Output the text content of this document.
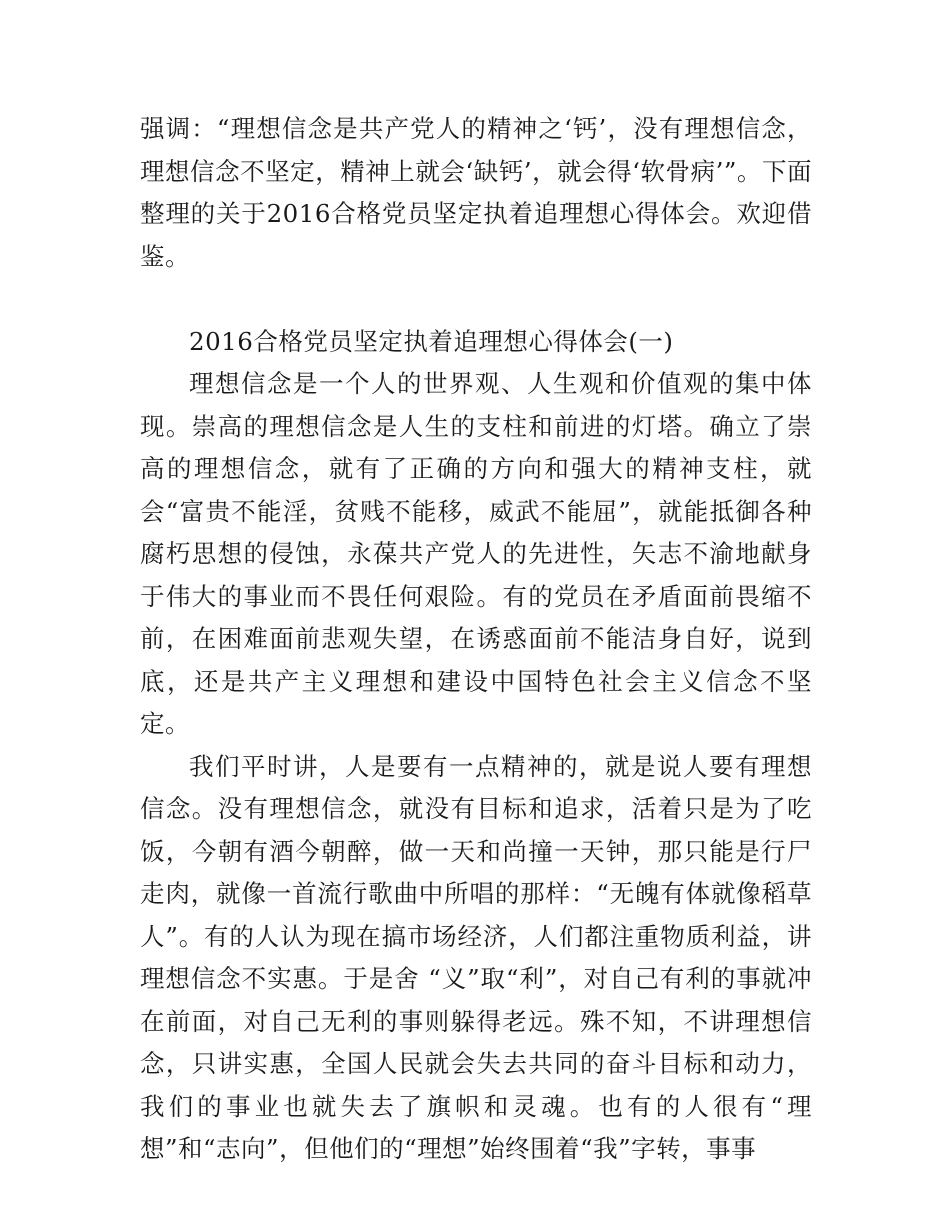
强调：“理想信念是共产党人的精神之‘钙’，没有理想信念，理想信念不坚定，精神上就会‘缺钙’，就会得‘软骨病’”。下面整理的关于2016合格党员坚定执着追理想心得体会。欢迎借鉴。

2016合格党员坚定执着追理想心得体会(一)

理想信念是一个人的世界观、人生观和价值观的集中体现。崇高的理想信念是人生的支柱和前进的灯塔。确立了崇高的理想信念，就有了正确的方向和强大的精神支柱，就会“富贵不能淫，贫贱不能移，威武不能屈”，就能抵御各种腐朽思想的侵蚀，永葆共产党人的先进性，矢志不渝地献身于伟大的事业而不畏任何艰险。有的党员在矛盾面前畏缩不前，在困难面前悲观失望，在诱惑面前不能洁身自好，说到底，还是共产主义理想和建设中国特色社会主义信念不坚定。

我们平时讲，人是要有一点精神的，就是说人要有理想信念。没有理想信念，就没有目标和追求，活着只是为了吃饭，今朝有酒今朝醉，做一天和尚撞一天钟，那只能是行尸走肉，就像一首流行歌曲中所唱的那样：“无魄有体就像稻草人”。有的人认为现在搞市场经济，人们都注重物质利益，讲理想信念不实惠。于是舍 “义”取“利”，对自己有利的事就冲在前面，对自己无利的事则躲得老远。殊不知，不讲理想信念，只讲实惠，全国人民就会失去共同的奋斗目标和动力，我们的事业也就失去了旗帜和灵魂。也有的人很有“理想”和“志向”，但他们的“理想”始终围着“我”字转，事事
